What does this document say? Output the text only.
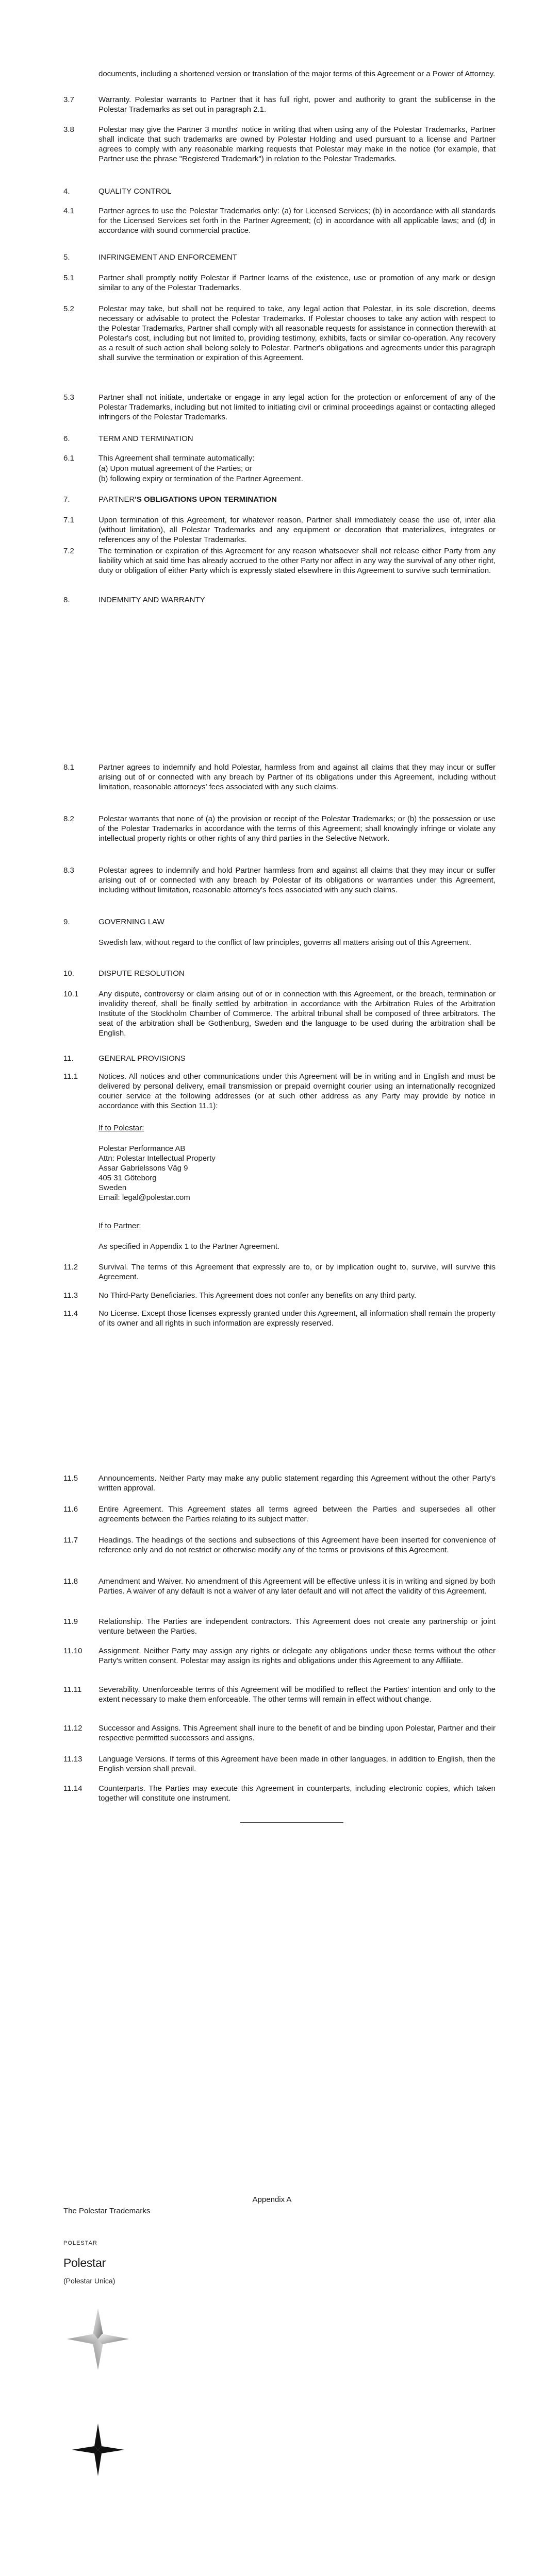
documents, including a shortened version or translation of the major terms of this Agreement or a Power of Attorney.
3.7	Warranty. Polestar warrants to Partner that it has full right, power and authority to grant the sublicense in the Polestar Trademarks as set out in paragraph 2.1.
3.8	Polestar may give the Partner 3 months' notice in writing that when using any of the Polestar Trademarks, Partner shall indicate that such trademarks are owned by Polestar Holding and used pursuant to a license and Partner agrees to comply with any reasonable marking requests that Polestar may make in the notice (for example, that Partner use the phrase "Registered Trademark") in relation to the Polestar Trademarks.
4.	QUALITY CONTROL
4.1	Partner agrees to use the Polestar Trademarks only: (a) for Licensed Services; (b) in accordance with all standards for the Licensed Services set forth in the Partner Agreement; (c) in accordance with all applicable laws; and (d) in accordance with sound commercial practice.
5.	INFRINGEMENT AND ENFORCEMENT
5.1	Partner shall promptly notify Polestar if Partner learns of the existence, use or promotion of any mark or design similar to any of the Polestar Trademarks.
5.2	Polestar may take, but shall not be required to take, any legal action that Polestar, in its sole discretion, deems necessary or advisable to protect the Polestar Trademarks. If Polestar chooses to take any action with respect to the Polestar Trademarks, Partner shall comply with all reasonable requests for assistance in connection therewith at Polestar's cost, including but not limited to, providing testimony, exhibits, facts or similar co-operation. Any recovery as a result of such action shall belong solely to Polestar. Partner's obligations and agreements under this paragraph shall survive the termination or expiration of this Agreement.
5.3	Partner shall not initiate, undertake or engage in any legal action for the protection or enforcement of any of the Polestar Trademarks, including but not limited to initiating civil or criminal proceedings against or contacting alleged infringers of the Polestar Trademarks.
6.	TERM AND TERMINATION
6.1	This Agreement shall terminate automatically:
(a) Upon mutual agreement of the Parties; or
(b) following expiry or termination of the Partner Agreement.
7.	PARTNER'S OBLIGATIONS UPON TERMINATION
7.1	Upon termination of this Agreement, for whatever reason, Partner shall immediately cease the use of, inter alia (without limitation), all Polestar Trademarks and any equipment or decoration that materializes, integrates or references any of the Polestar Trademarks.
7.2	The termination or expiration of this Agreement for any reason whatsoever shall not release either Party from any liability which at said time has already accrued to the other Party nor affect in any way the survival of any other right, duty or obligation of either Party which is expressly stated elsewhere in this Agreement to survive such termination.
8.	INDEMNITY AND WARRANTY
8.1	Partner agrees to indemnify and hold Polestar, harmless from and against all claims that they may incur or suffer arising out of or connected with any breach by Partner of its obligations under this Agreement, including without limitation, reasonable attorneys' fees associated with any such claims.
8.2	Polestar warrants that none of (a) the provision or receipt of the Polestar Trademarks; or (b) the possession or use of the Polestar Trademarks in accordance with the terms of this Agreement; shall knowingly infringe or violate any intellectual property rights or other rights of any third parties in the Selective Network.
8.3	Polestar agrees to indemnify and hold Partner harmless from and against all claims that they may incur or suffer arising out of or connected with any breach by Polestar of its obligations or warranties under this Agreement, including without limitation, reasonable attorney's fees associated with any such claims.
9.	GOVERNING LAW
Swedish law, without regard to the conflict of law principles, governs all matters arising out of this Agreement.
10.	DISPUTE RESOLUTION
10.1	Any dispute, controversy or claim arising out of or in connection with this Agreement, or the breach, termination or invalidity thereof, shall be finally settled by arbitration in accordance with the Arbitration Rules of the Arbitration Institute of the Stockholm Chamber of Commerce. The arbitral tribunal shall be composed of three arbitrators. The seat of the arbitration shall be Gothenburg, Sweden and the language to be used during the arbitration shall be English.
11.	GENERAL PROVISIONS
11.1	Notices. All notices and other communications under this Agreement will be in writing and in English and must be delivered by personal delivery, email transmission or prepaid overnight courier using an internationally recognized courier service at the following addresses (or at such other address as any Party may provide by notice in accordance with this Section 11.1):
If to Polestar:
Polestar Performance AB
Attn: Polestar Intellectual Property
Assar Gabrielssons Väg 9
405 31 Göteborg
Sweden
Email: legal@polestar.com
If to Partner:
As specified in Appendix 1 to the Partner Agreement.
11.2	Survival. The terms of this Agreement that expressly are to, or by implication ought to, survive, will survive this Agreement.
11.3	No Third-Party Beneficiaries. This Agreement does not confer any benefits on any third party.
11.4	No License. Except those licenses expressly granted under this Agreement, all information shall remain the property of its owner and all rights in such information are expressly reserved.
11.5	Announcements. Neither Party may make any public statement regarding this Agreement without the other Party's written approval.
11.6	Entire Agreement. This Agreement states all terms agreed between the Parties and supersedes all other agreements between the Parties relating to its subject matter.
11.7	Headings. The headings of the sections and subsections of this Agreement have been inserted for convenience of reference only and do not restrict or otherwise modify any of the terms or provisions of this Agreement.
11.8	Amendment and Waiver. No amendment of this Agreement will be effective unless it is in writing and signed by both Parties. A waiver of any default is not a waiver of any later default and will not affect the validity of this Agreement.
11.9	Relationship. The Parties are independent contractors. This Agreement does not create any partnership or joint venture between the Parties.
11.10	Assignment. Neither Party may assign any rights or delegate any obligations under these terms without the other Party's written consent. Polestar may assign its rights and obligations under this Agreement to any Affiliate.
11.11	Severability. Unenforceable terms of this Agreement will be modified to reflect the Parties' intention and only to the extent necessary to make them enforceable. The other terms will remain in effect without change.
11.12	Successor and Assigns. This Agreement shall inure to the benefit of and be binding upon Polestar, Partner and their respective permitted successors and assigns.
11.13	Language Versions. If terms of this Agreement have been made in other languages, in addition to English, then the English version shall prevail.
11.14	Counterparts. The Parties may execute this Agreement in counterparts, including electronic copies, which taken together will constitute one instrument.
Appendix A
The Polestar Trademarks
POLESTAR
Polestar
(Polestar Unica)
